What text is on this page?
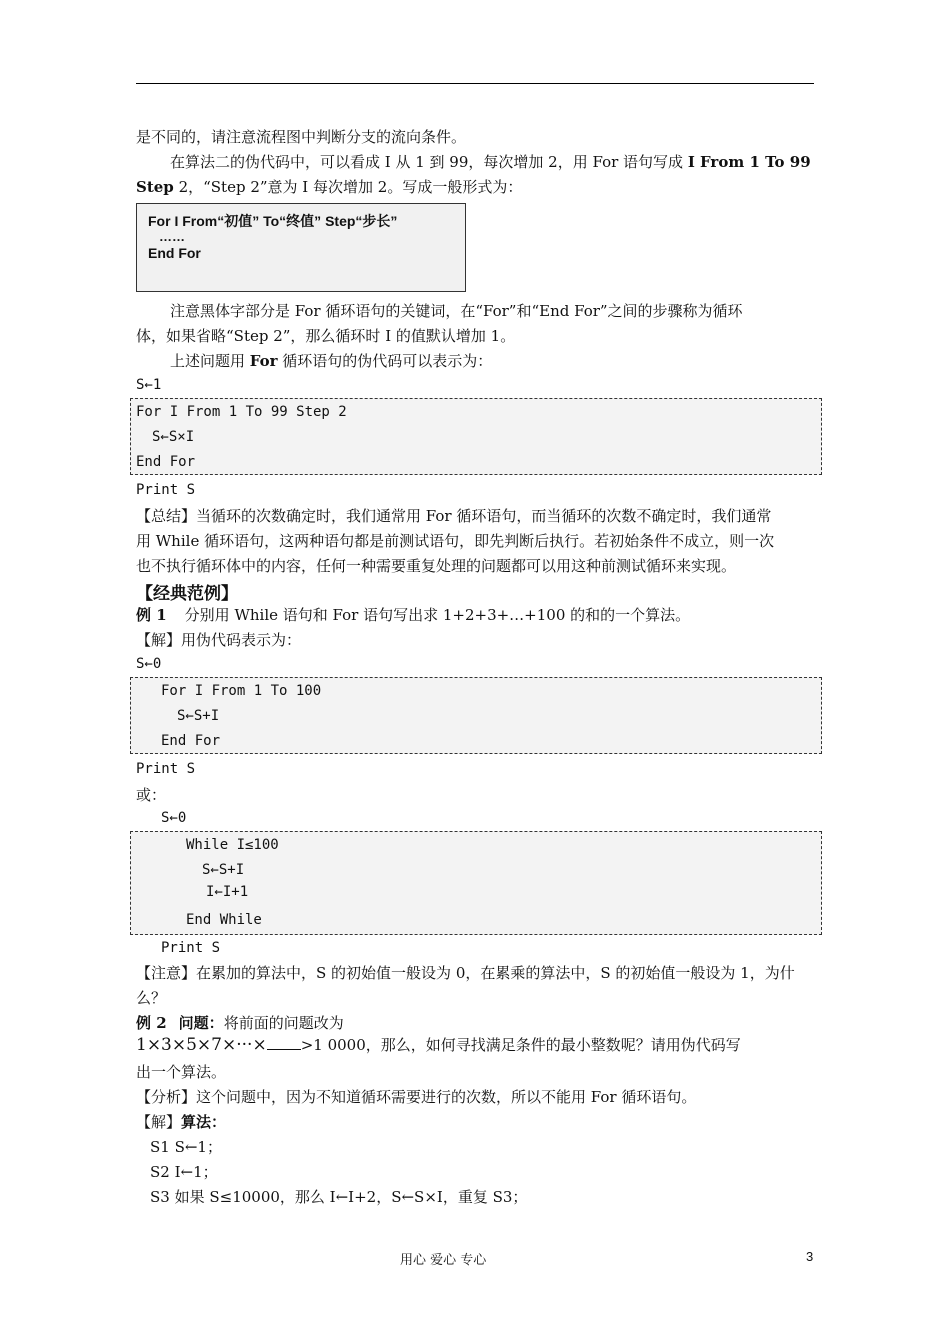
是不同的，请注意流程图中判断分支的流向条件。
在算法二的伪代码中，可以看成 I 从 1 到 99，每次增加 2，用 For 语句写成 I From 1 To 99
Step 2，“Step 2”意为 I 每次增加 2。写成一般形式为：
For I From“初值” To“终值” Step“步长”
……
End For
注意黑体字部分是 For 循环语句的关键词，在“For”和“End For”之间的步骤称为循环
体，如果省略“Step 2”，那么循环时 I 的值默认增加 1。
上述问题用 For 循环语句的伪代码可以表示为：
S←1
For I From 1 To 99 Step 2
S←S×I
End For
Print S
【总结】当循环的次数确定时，我们通常用 For 循环语句，而当循环的次数不确定时，我们通常
用 While 循环语句，这两种语句都是前测试语句，即先判断后执行。若初始条件不成立，则一次
也不执行循环体中的内容，任何一种需要重复处理的问题都可以用这种前测试循环来实现。
【经典范例】
例 1 分别用 While 语句和 For 语句写出求 1+2+3+…+100 的和的一个算法。
【解】用伪代码表示为：
S←0
For I From 1 To 100
S←S+I
End For
Print S
或：
S←0
While I≤100
S←S+I
I←I+1
End While
Print S
【注意】在累加的算法中，S 的初始值一般设为 0，在累乘的算法中，S 的初始值一般设为 1，为什
么？
例 2 问题：将前面的问题改为
1×3×5×7×···× >1 0000，那么，如何寻找满足条件的最小整数呢？请用伪代码写
出一个算法。
【分析】这个问题中，因为不知道循环需要进行的次数，所以不能用 For 循环语句。
【解】算法：
S1 S←1；
S2 I←1；
S3 如果 S≤10000，那么 I←I+2，S←S×I，重复 S3；
用心 爱心 专心	3
